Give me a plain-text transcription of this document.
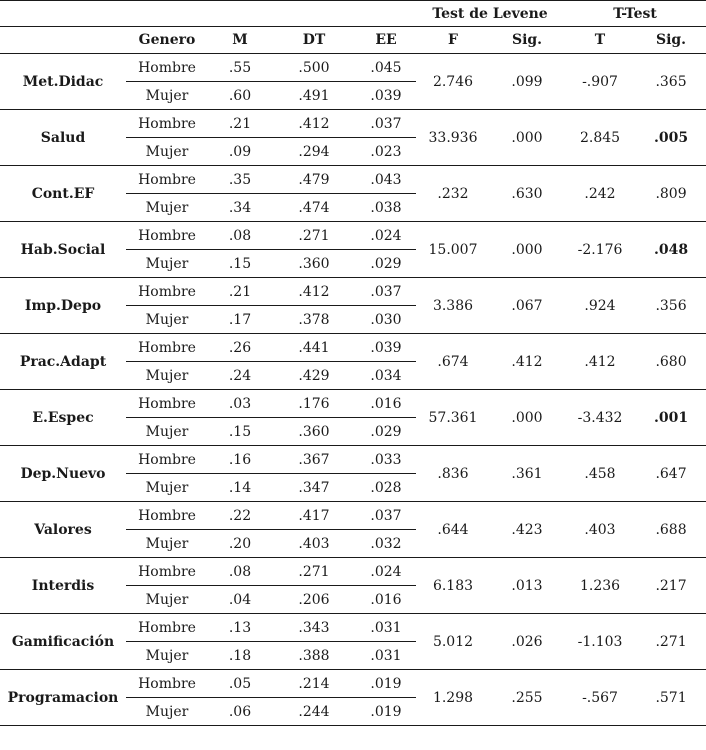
					Test de Levene		T-Test	
	Genero	M	DT	EE	F	Sig.	T	Sig.
Met.Didac	Hombre	.55	.500	.045	2.746	.099	-.907	.365
	Mujer	.60	.491	.039				
Salud	Hombre	.21	.412	.037	33.936	.000	2.845	.005
	Mujer	.09	.294	.023				
Cont.EF	Hombre	.35	.479	.043	.232	.630	.242	.809
	Mujer	.34	.474	.038				
Hab.Social	Hombre	.08	.271	.024	15.007	.000	-2.176	.048
	Mujer	.15	.360	.029				
Imp.Depo	Hombre	.21	.412	.037	3.386	.067	.924	.356
	Mujer	.17	.378	.030				
Prac.Adapt	Hombre	.26	.441	.039	.674	.412	.412	.680
	Mujer	.24	.429	.034				
E.Espec	Hombre	.03	.176	.016	57.361	.000	-3.432	.001
	Mujer	.15	.360	.029				
Dep.Nuevo	Hombre	.16	.367	.033	.836	.361	.458	.647
	Mujer	.14	.347	.028				
Valores	Hombre	.22	.417	.037	.644	.423	.403	.688
	Mujer	.20	.403	.032				
Interdis	Hombre	.08	.271	.024	6.183	.013	1.236	.217
	Mujer	.04	.206	.016				
Gamificación	Hombre	.13	.343	.031	5.012	.026	-1.103	.271
	Mujer	.18	.388	.031				
Programacion	Hombre	.05	.214	.019	1.298	.255	-.567	.571
	Mujer	.06	.244	.019				
